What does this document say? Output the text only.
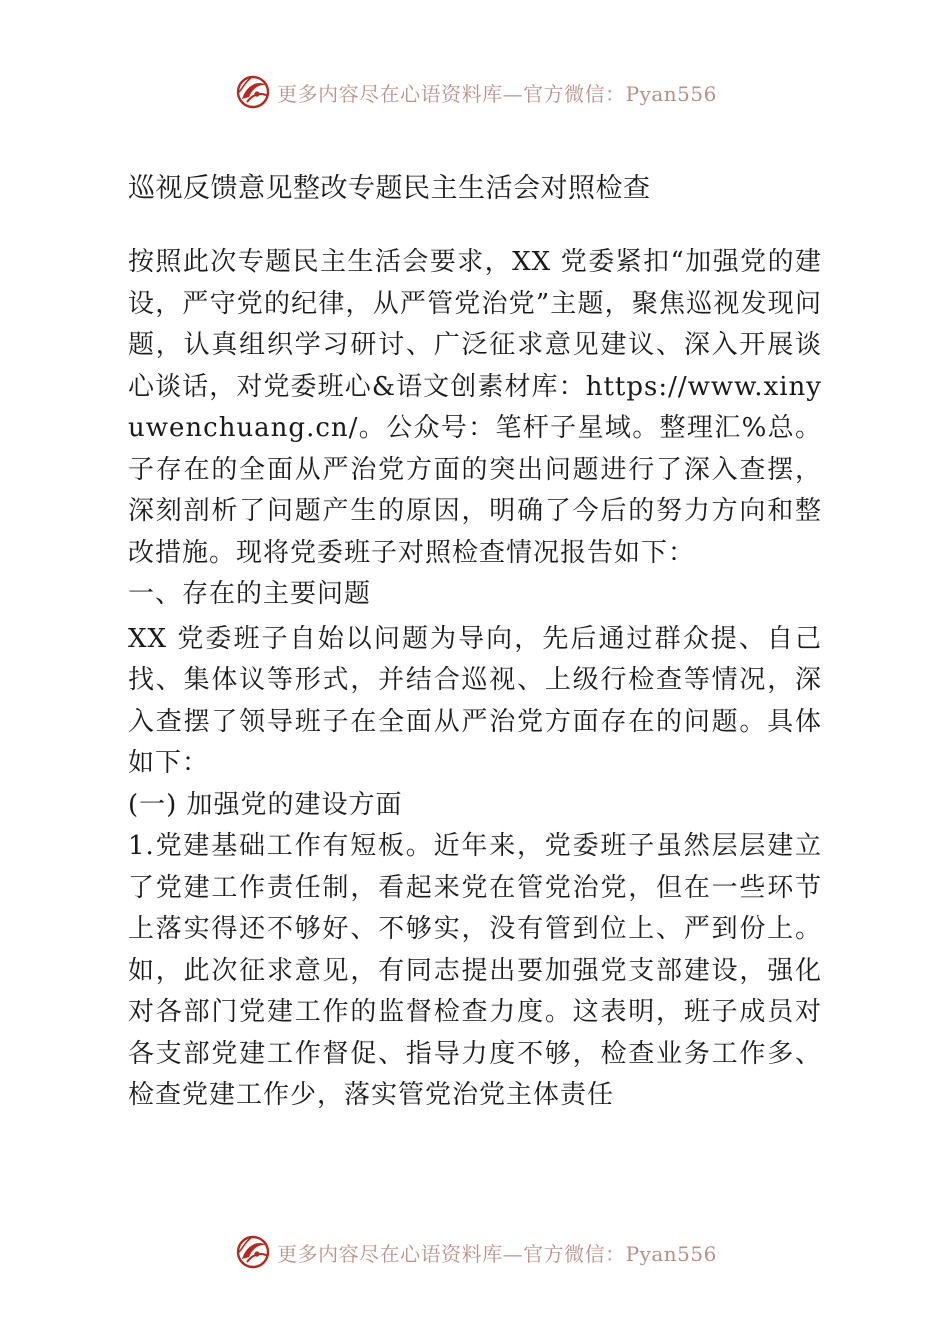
更多内容尽在心语资料库—官方微信：Pyan556
巡视反馈意见整改专题民主生活会对照检查

按照此次专题民主生活会要求，XX 党委紧扣“加强党的建设，严守党的纪律，从严管党治党”主题，聚焦巡视发现问题，认真组织学习研讨、广泛征求意见建议、深入开展谈心谈话，对党委班心&语文创素材库：https://www.xinyuwenchuang.cn/。公众号：笔杆子星域。整理汇%总。子存在的全面从严治党方面的突出问题进行了深入查摆，深刻剖析了问题产生的原因，明确了今后的努力方向和整改措施。现将党委班子对照检查情况报告如下：

一、存在的主要问题

XX 党委班子自始以问题为导向，先后通过群众提、自己找、集体议等形式，并结合巡视、上级行检查等情况，深入查摆了领导班子在全面从严治党方面存在的问题。具体如下：

(一) 加强党的建设方面

1.党建基础工作有短板。近年来，党委班子虽然层层建立了党建工作责任制，看起来党在管党治党，但在一些环节上落实得还不够好、不够实，没有管到位上、严到份上。如，此次征求意见，有同志提出要加强党支部建设，强化对各部门党建工作的监督检查力度。这表明，班子成员对各支部党建工作督促、指导力度不够，检查业务工作多、检查党建工作少，落实管党治党主体责任

更多内容尽在心语资料库—官方微信：Pyan556
